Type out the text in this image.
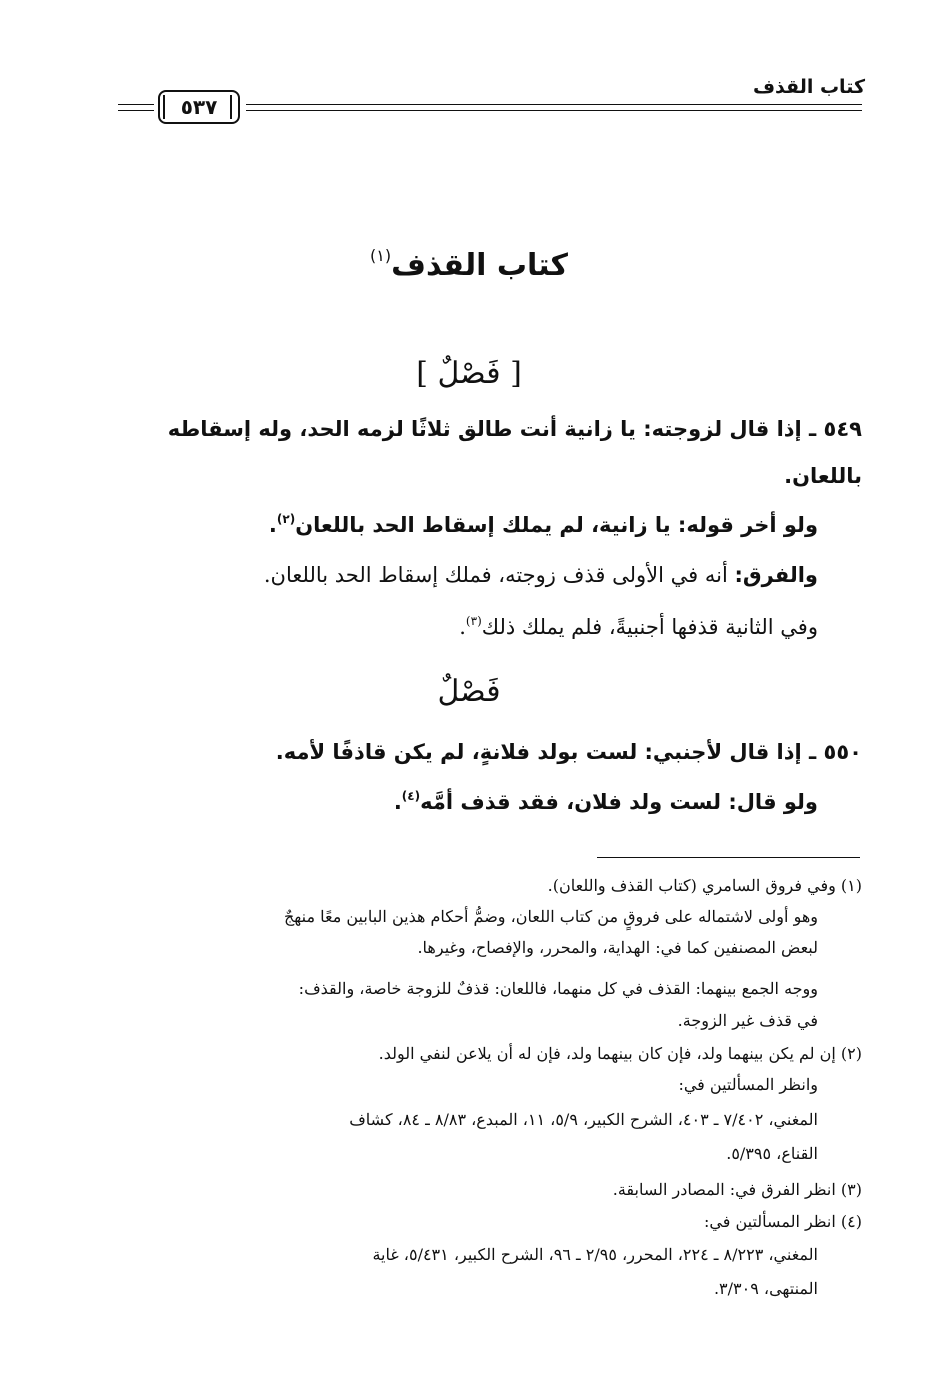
كتاب القذف
٥٣٧
كتاب القذف$^{(١)}$
[ فَصْلٌ ]
٥٤٩ ـ إذا قال لزوجته: يا زانية أنت طالق ثلاثًا لزمه الحد، وله إسقاطه
باللعان.
ولو أخر قوله: يا زانية، لم يملك إسقاط الحد باللعان$^{(٢)}$.
والفرق: أنه في الأولى قذف زوجته، فملك إسقاط الحد باللعان.
وفي الثانية قذفها أجنبيةً، فلم يملك ذلك$^{(٣)}$.
فَصْلٌ
٥٥٠ ـ إذا قال لأجنبي: لست بولد فلانةٍ، لم يكن قاذفًا لأمه.
ولو قال: لست ولد فلان، فقد قذف أمَّه$^{(٤)}$.
(١) وفي فروق السامري (كتاب القذف واللعان).
وهو أولى لاشتماله على فروقٍ من كتاب اللعان، وضمُّ أحكام هذين البابين معًا منهجٌ
لبعض المصنفين كما في: الهداية، والمحرر، والإفصاح، وغيرها.
ووجه الجمع بينهما: القذف في كل منهما، فاللعان: قذفٌ للزوجة خاصة، والقذف:
في قذف غير الزوجة.
(٢) إن لم يكن بينهما ولد، فإن كان بينهما ولد، فإن له أن يلاعن لنفي الولد.
وانظر المسألتين في:
المغني، ٧/٤٠٢ ـ ٤٠٣، الشرح الكبير، ٥/٩، ١١، المبدع، ٨/٨٣ ـ ٨٤، كشاف
القناع، ٥/٣٩٥.
(٣) انظر الفرق في: المصادر السابقة.
(٤) انظر المسألتين في:
المغني، ٨/٢٢٣ ـ ٢٢٤، المحرر، ٢/٩٥ ـ ٩٦، الشرح الكبير، ٥/٤٣١، غاية
المنتهى، ٣/٣٠٩.
